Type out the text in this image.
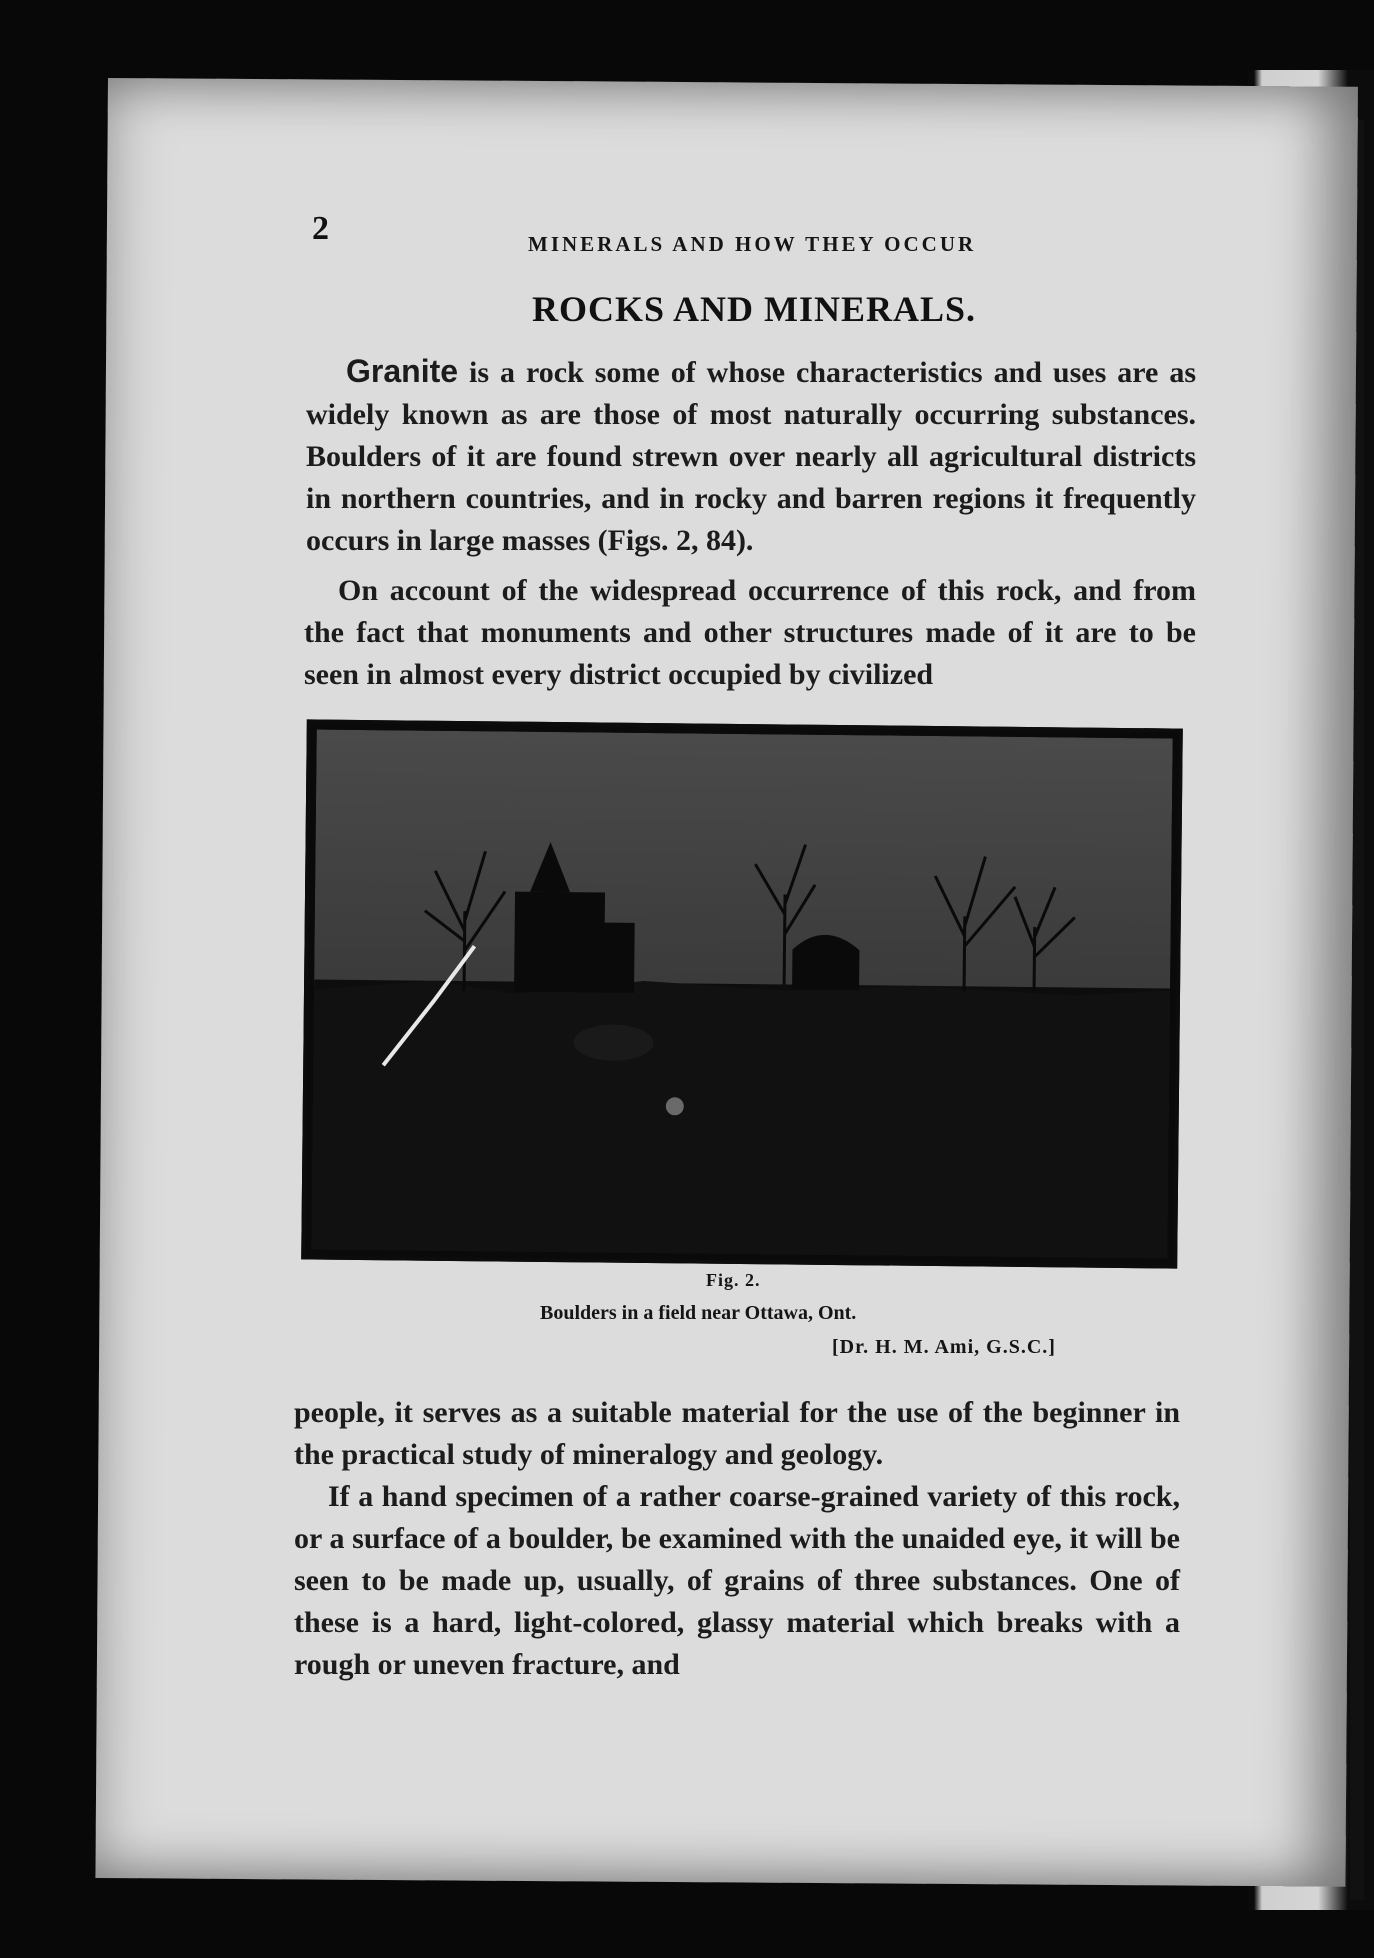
2	MINERALS AND HOW THEY OCCUR
ROCKS AND MINERALS.
Granite is a rock some of whose characteristics and uses are as widely known as are those of most naturally occurring substances. Boulders of it are found strewn over nearly all agricultural districts in northern countries, and in rocky and barren regions it frequently occurs in large masses (Figs. 2, 84).
On account of the widespread occurrence of this rock, and from the fact that monuments and other structures made of it are to be seen in almost every district occupied by civilized
Fig. 2.
Boulders in a field near Ottawa, Ont.
[Dr. H. M. Ami, G.S.C.]
people, it serves as a suitable material for the use of the beginner in the practical study of mineralogy and geology.
If a hand specimen of a rather coarse-grained variety of this rock, or a surface of a boulder, be examined with the unaided eye, it will be seen to be made up, usually, of grains of three substances. One of these is a hard, light-colored, glassy material which breaks with a rough or uneven fracture, and
